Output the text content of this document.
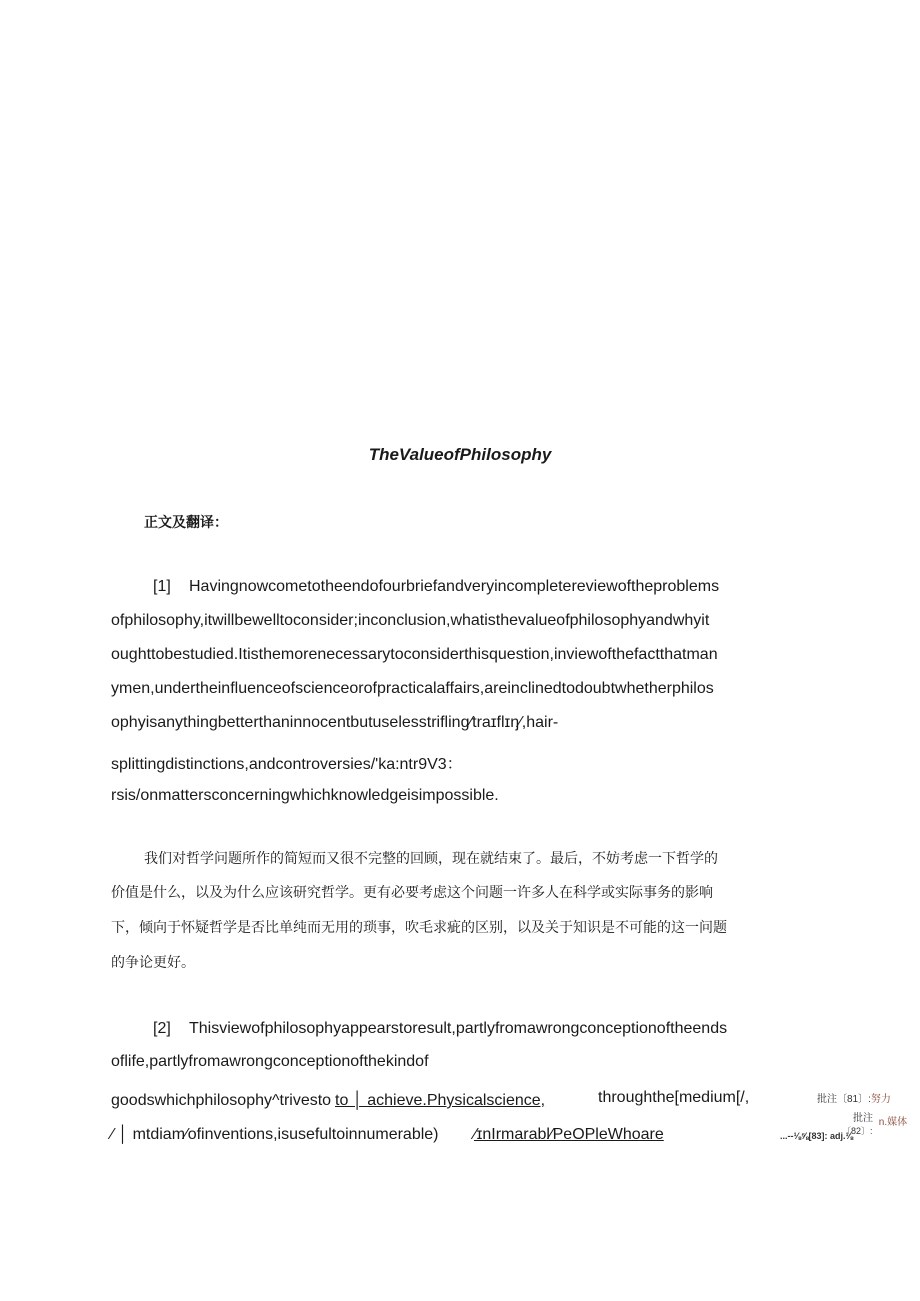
TheValueofPhilosophy
正文及翻译：
[1] Havingnowcometotheendofourbriefandveryincompletereviewoftheproblems
ofphilosophy,itwillbewelltoconsider;inconclusion,whatisthevalueofphilosophyandwhyit
oughttobestudied.Itisthemorenecessarytoconsiderthisquestion,inviewofthefactthatman
ymen,undertheinfluenceofscienceorofpracticalaffairs,areinclinedtodoubtwhetherphilos
ophyisanythingbetterthaninnocentbutuselesstrifling⁄traɪflɪŋ⁄,hair-
splittingdistinctions,andcontroversies/'ka:ntr9V3：
rsis/onmattersconcerningwhichknowledgeisimpossible.
我们对哲学问题所作的简短而又很不完整的回顾，现在就结束了。最后，不妨考虑一下哲学的
价值是什么，以及为什么应该研究哲学。更有必要考虑这个问题一许多人在科学或实际事务的影响
下，倾向于怀疑哲学是否比单纯而无用的琐事，吹毛求疵的区别，以及关于知识是不可能的这一问题
的争论更好。
[2] Thisviewofphilosophyappearstoresult,partlyfromawrongconceptionoftheends
oflife,partlyfromawrongconceptionofthekindof
goodswhichphilosophy^trivesto to │ achieve.Physicalscience,	throughthe[medium[/,
⁄ │ mtdiam⁄ofinventions,isusefultoinnumerable) ⁄ɪnIrmarabl⁄PeOPleWhoare
批注〔81〕:努力
批注 n.媒体
〔82〕:
...--⅛⅝[83]: adj.⅛
